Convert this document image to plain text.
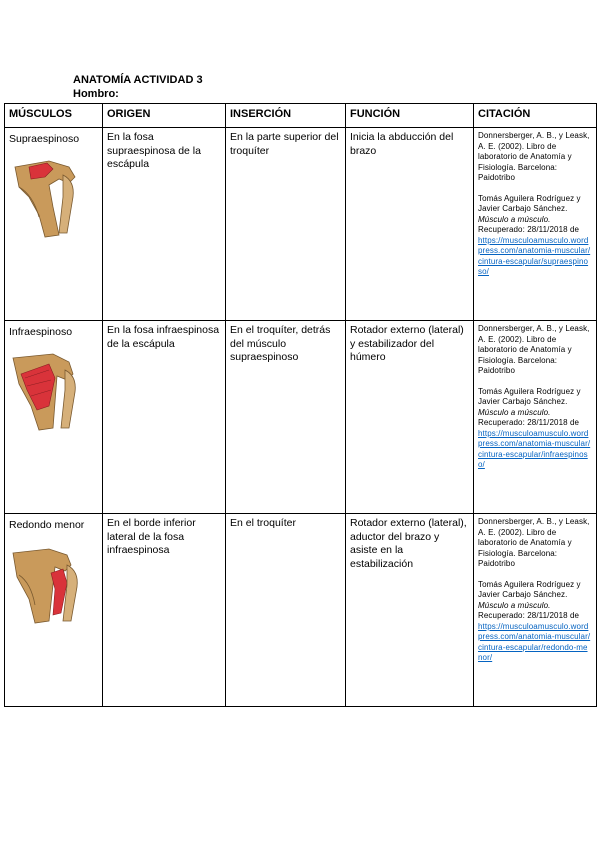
ANATOMÍA ACTIVIDAD 3
Hombro:
MÚSCULOS	ORIGEN	INSERCIÓN	FUNCIÓN	CITACIÓN

Supraespinoso	En la fosa supraespinosa de la escápula	En la parte superior del troquíter	Inicia la abducción del brazo	Donnersberger, A. B., y Leask, A. E. (2002). Libro de laboratorio de Anatomía y Fisiología. Barcelona: Paidotribo

Tomás Aguilera Rodríguez y Javier Carbajo Sánchez.

Músculo a músculo.

Recuperado: 28/11/2018 de

https://musculoamusculo.wordpress.com/anatomia-muscular/cintura-escapular/supraespinoso/

Infraespinoso	En la fosa infraespinosa de la escápula	En el troquíter, detrás del músculo supraespinoso	Rotador externo (lateral) y estabilizador del húmero	Donnersberger, A. B., y Leask, A. E. (2002). Libro de laboratorio de Anatomía y Fisiología. Barcelona: Paidotribo

Tomás Aguilera Rodríguez y Javier Carbajo Sánchez.

Músculo a músculo.

Recuperado: 28/11/2018 de

https://musculoamusculo.wordpress.com/anatomia-muscular/cintura-escapular/infraespinoso/

Redondo menor	En el borde inferior lateral de la fosa infraespinosa	En el troquíter	Rotador externo (lateral), aductor del brazo y asiste en la estabilización	Donnersberger, A. B., y Leask, A. E. (2002). Libro de laboratorio de Anatomía y Fisiología. Barcelona: Paidotribo

Tomás Aguilera Rodríguez y Javier Carbajo Sánchez.

Músculo a músculo.

Recuperado: 28/11/2018 de

https://musculoamusculo.wordpress.com/anatomia-muscular/cintura-escapular/redondo-menor/
